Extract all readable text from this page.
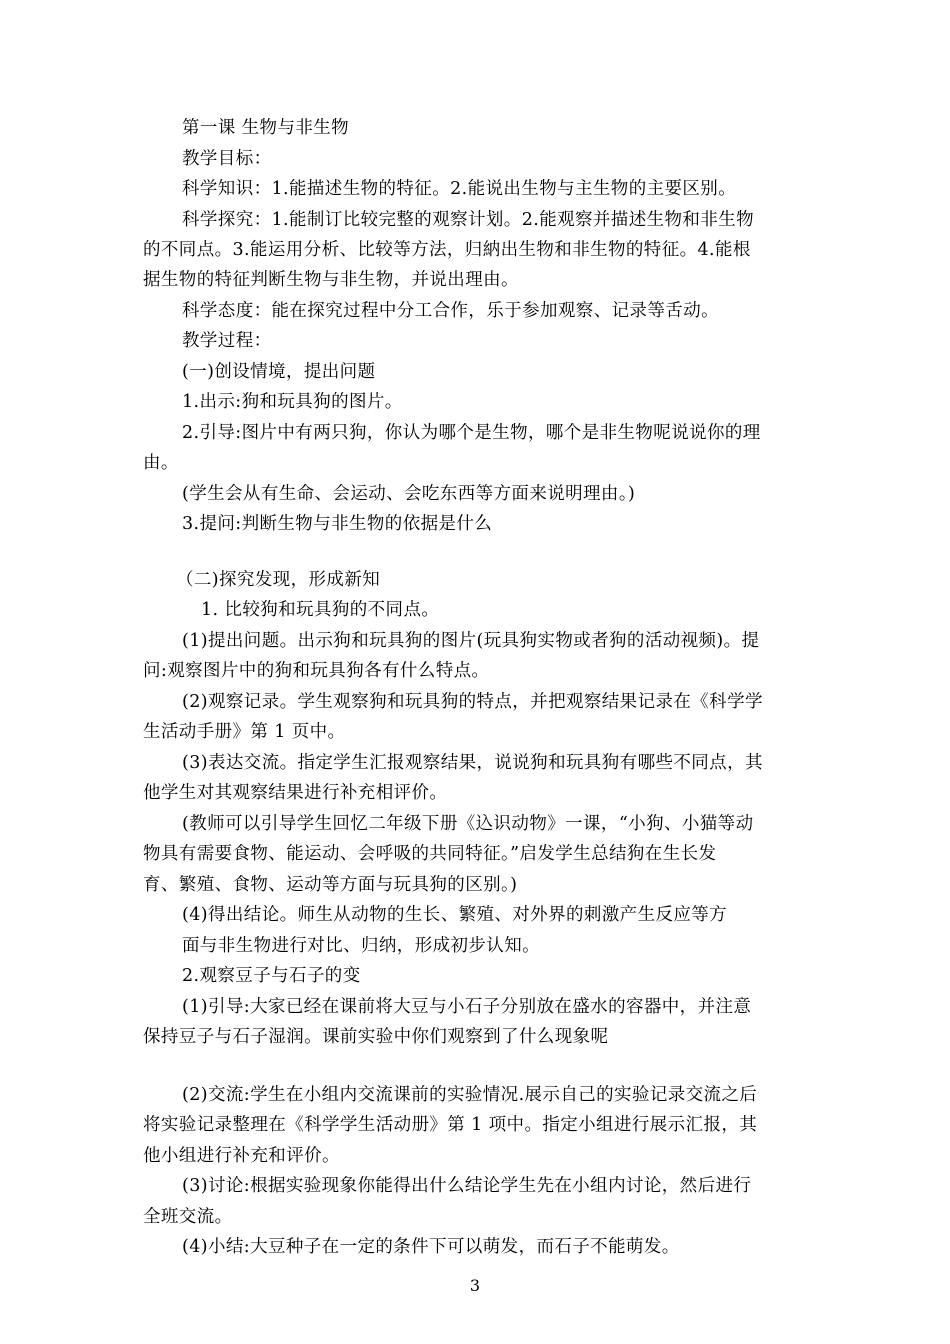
第一课 生物与非生物
教学目标：
科学知识：1.能描述生物的特征。2.能说出生物与主生物的主要区别。
科学探究：1.能制订比较完整的观察计划。2.能观察并描述生物和非生物
的不同点。3.能运用分析、比较等方法，归納出生物和非生物的特征。4.能根
据生物的特征判断生物与非生物，并说出理由。
科学态度：能在探究过程中分工合作，乐于参加观察、记录等舌动。
教学过程：
(一)创设情境，提出问题
1.出示:狗和玩具狗的图片。
2.引导:图片中有两只狗，你认为哪个是生物，哪个是非生物呢说说你的理
由。
(学生会从有生命、会运动、会吃东西等方面来说明理由。)
3.提问:判断生物与非生物的依据是什么
（二)探究发现，形成新知
1. 比较狗和玩具狗的不同点。
(1)提出问题。出示狗和玩具狗的图片(玩具狗实物或者狗的活动视频)。提
问:观察图片中的狗和玩具狗各有什么特点。
(2)观察记录。学生观察狗和玩具狗的特点，并把观察结果记录在《科学学
生活动手册》第 1 页中。
(3)表达交流。指定学生汇报观察结果，说说狗和玩具狗有哪些不同点，其
他学生对其观察结果进行补充相评价。
(教师可以引导学生回忆二年级下册《込识动物》一课，“小狗、小猫等动
物具有需要食物、能运动、会呼吸的共同特征。”启发学生总结狗在生长发
育、繁殖、食物、运动等方面与玩具狗的区别。)
(4)得出结论。师生从动物的生长、繁殖、对外界的刺激产生反应等方
面与非生物进行对比、归纳，形成初步认知。
2.观察豆子与石子的变
(1)引导:大家已经在课前将大豆与小石子分别放在盛水的容器中，并注意
保持豆子与石子湿润。课前实验中你们观察到了什么现象呢
(2)交流:学生在小组内交流课前的实验情况.展示自己的实验记录交流之后
将实验记录整理在《科学学生活动册》第 1 项中。指定小组进行展示汇报，其
他小组进行补充和评价。
(3)讨论:根据实验现象你能得出什么结论学生先在小组内讨论，然后进行
全班交流。
(4)小结:大豆种子在一定的条件下可以萌发，而石子不能萌发。
3
